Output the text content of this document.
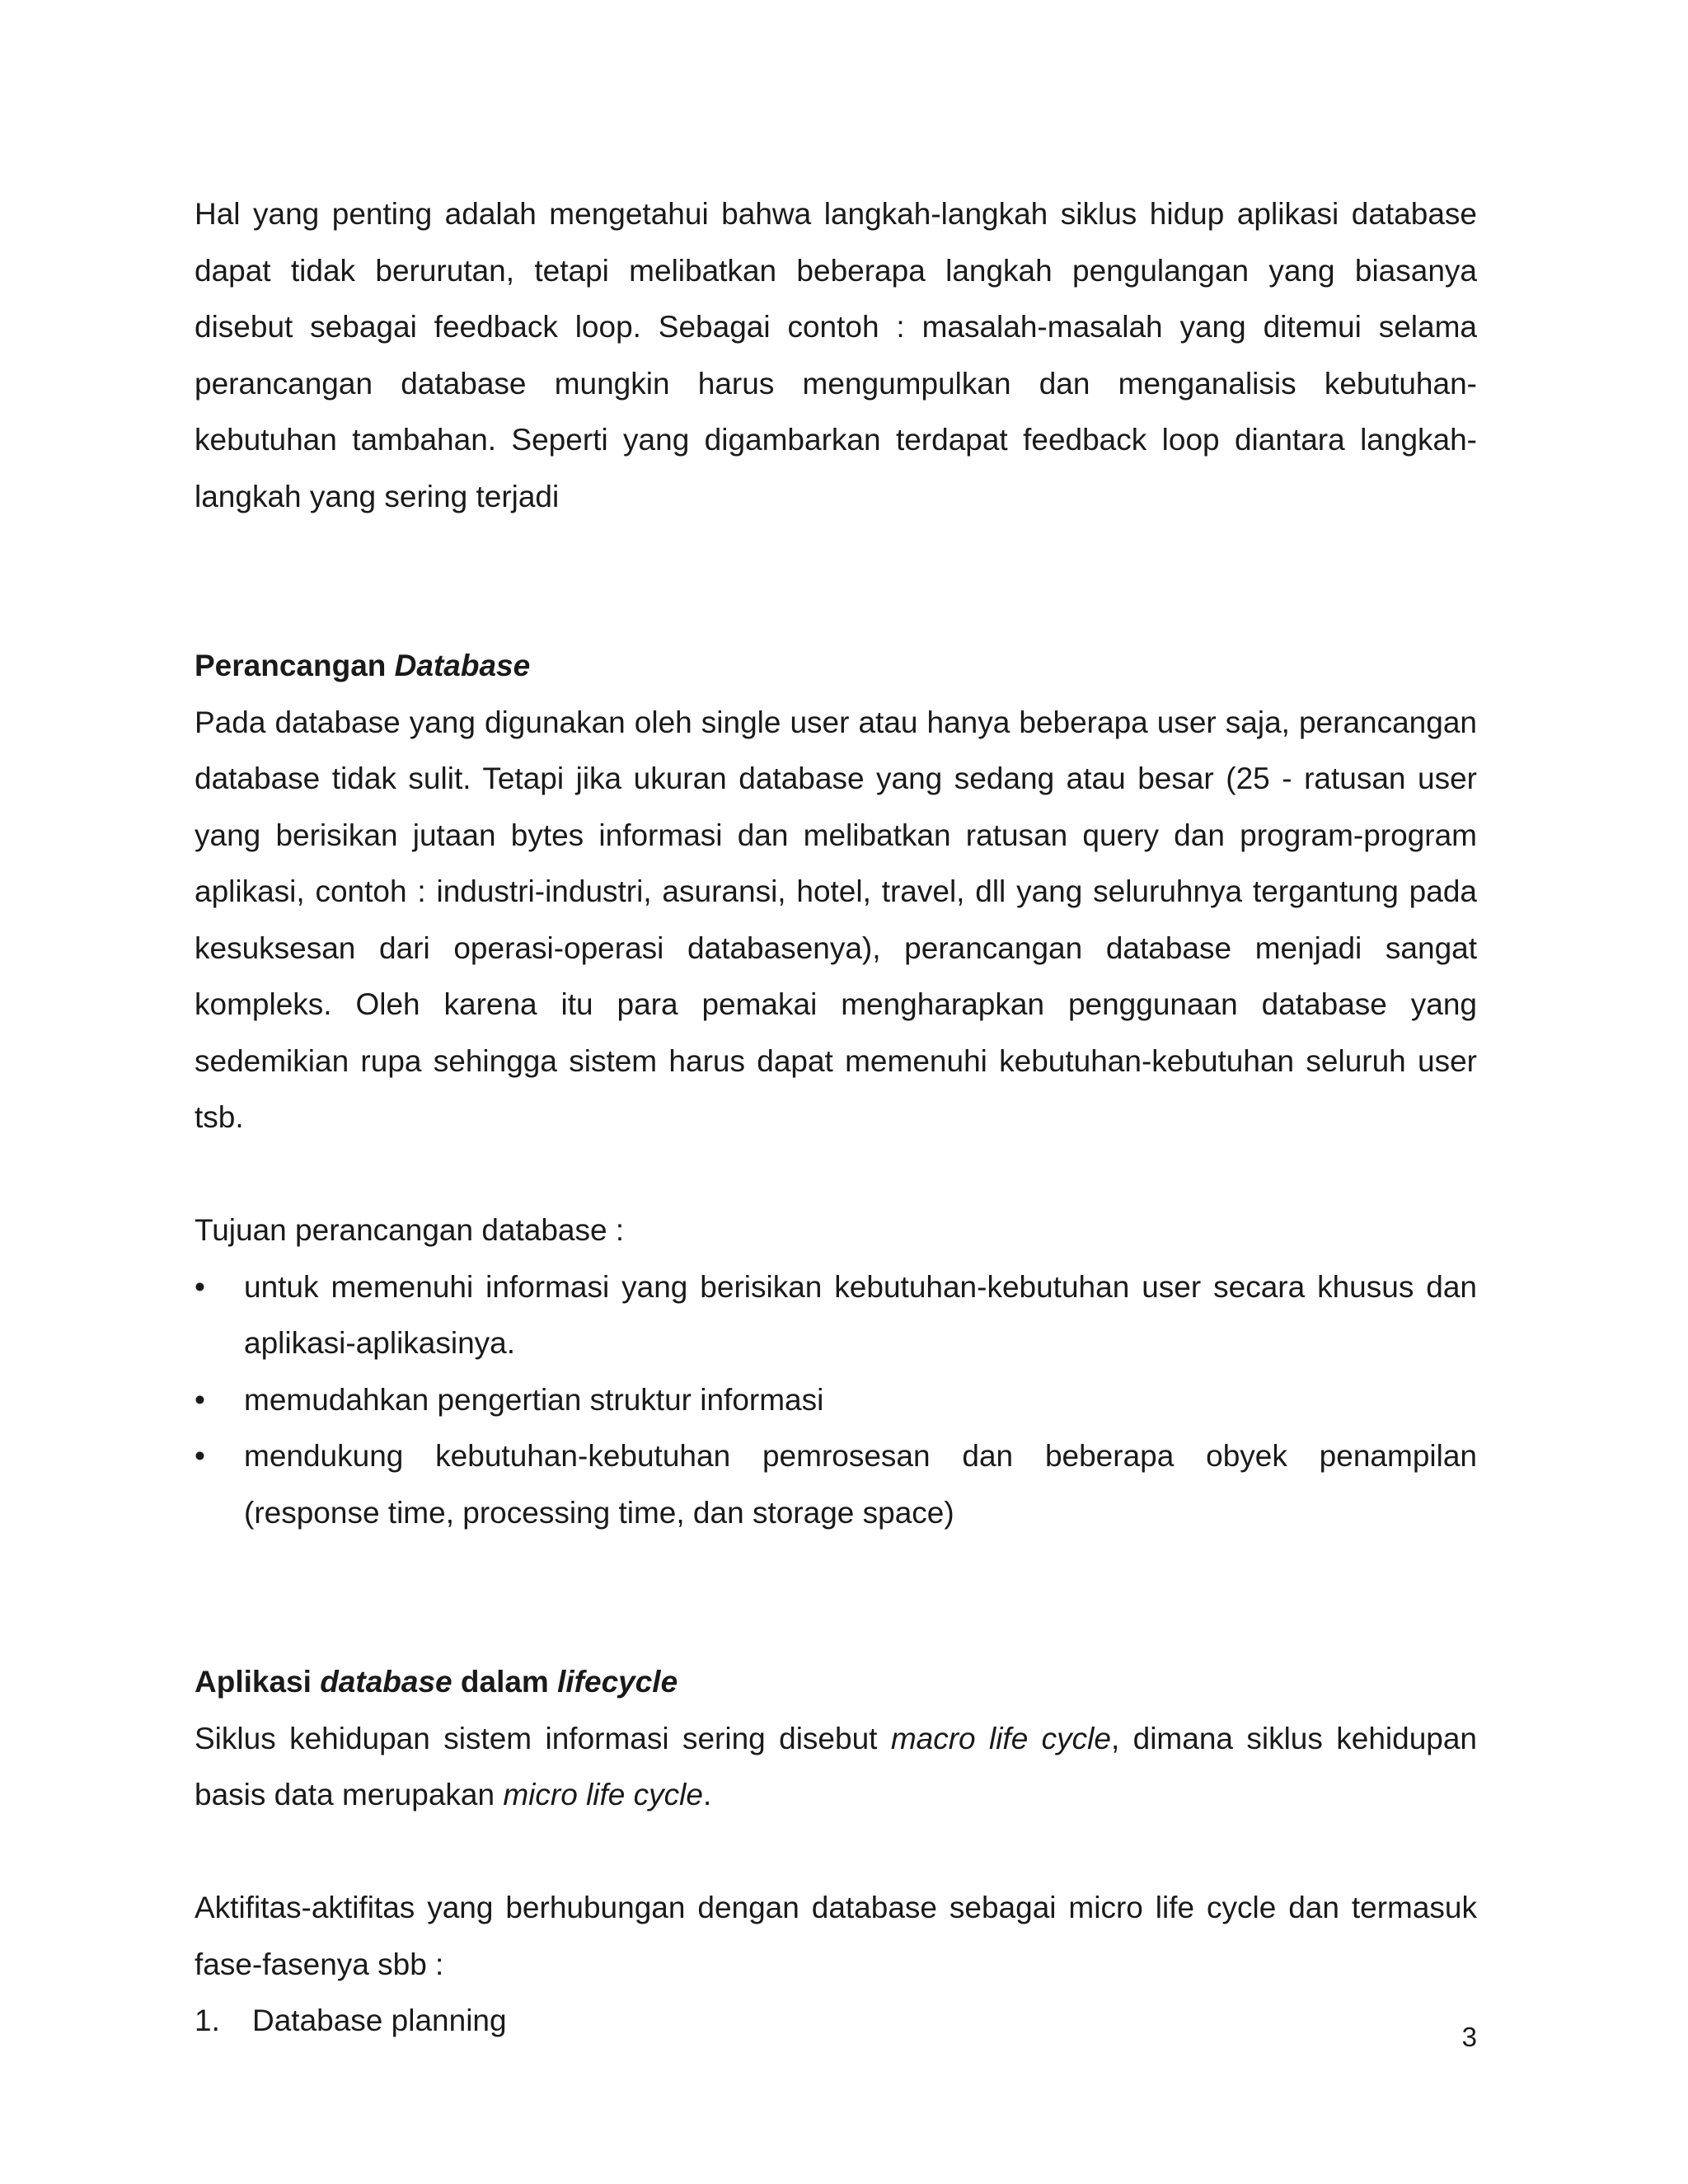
Hal yang penting adalah mengetahui bahwa langkah-langkah siklus hidup aplikasi database dapat tidak berurutan, tetapi melibatkan beberapa langkah pengulangan yang biasanya disebut sebagai feedback loop. Sebagai contoh : masalah-masalah yang ditemui selama perancangan database mungkin harus mengumpulkan dan menganalisis kebutuhan-kebutuhan tambahan. Seperti yang digambarkan terdapat feedback loop diantara langkah-langkah yang sering terjadi

Perancangan Database

Pada database yang digunakan oleh single user atau hanya beberapa user saja, perancangan database tidak sulit. Tetapi jika ukuran database yang sedang atau besar (25 - ratusan user yang berisikan jutaan bytes informasi dan melibatkan ratusan query dan program-program aplikasi, contoh : industri-industri, asuransi, hotel, travel, dll yang seluruhnya tergantung pada kesuksesan dari operasi-operasi databasenya), perancangan database menjadi sangat kompleks. Oleh karena itu para pemakai mengharapkan penggunaan database yang sedemikian rupa sehingga sistem harus dapat memenuhi kebutuhan-kebutuhan seluruh user tsb.

Tujuan perancangan database :

• untuk memenuhi informasi yang berisikan kebutuhan-kebutuhan user secara khusus dan aplikasi-aplikasinya.
• memudahkan pengertian struktur informasi
• mendukung kebutuhan-kebutuhan pemrosesan dan beberapa obyek penampilan (response time, processing time, dan storage space)
Aplikasi database dalam lifecycle

Siklus kehidupan sistem informasi sering disebut macro life cycle, dimana siklus kehidupan basis data merupakan micro life cycle.

Aktifitas-aktifitas yang berhubungan dengan database sebagai micro life cycle dan termasuk fase-fasenya sbb :

1. Database planning	3
